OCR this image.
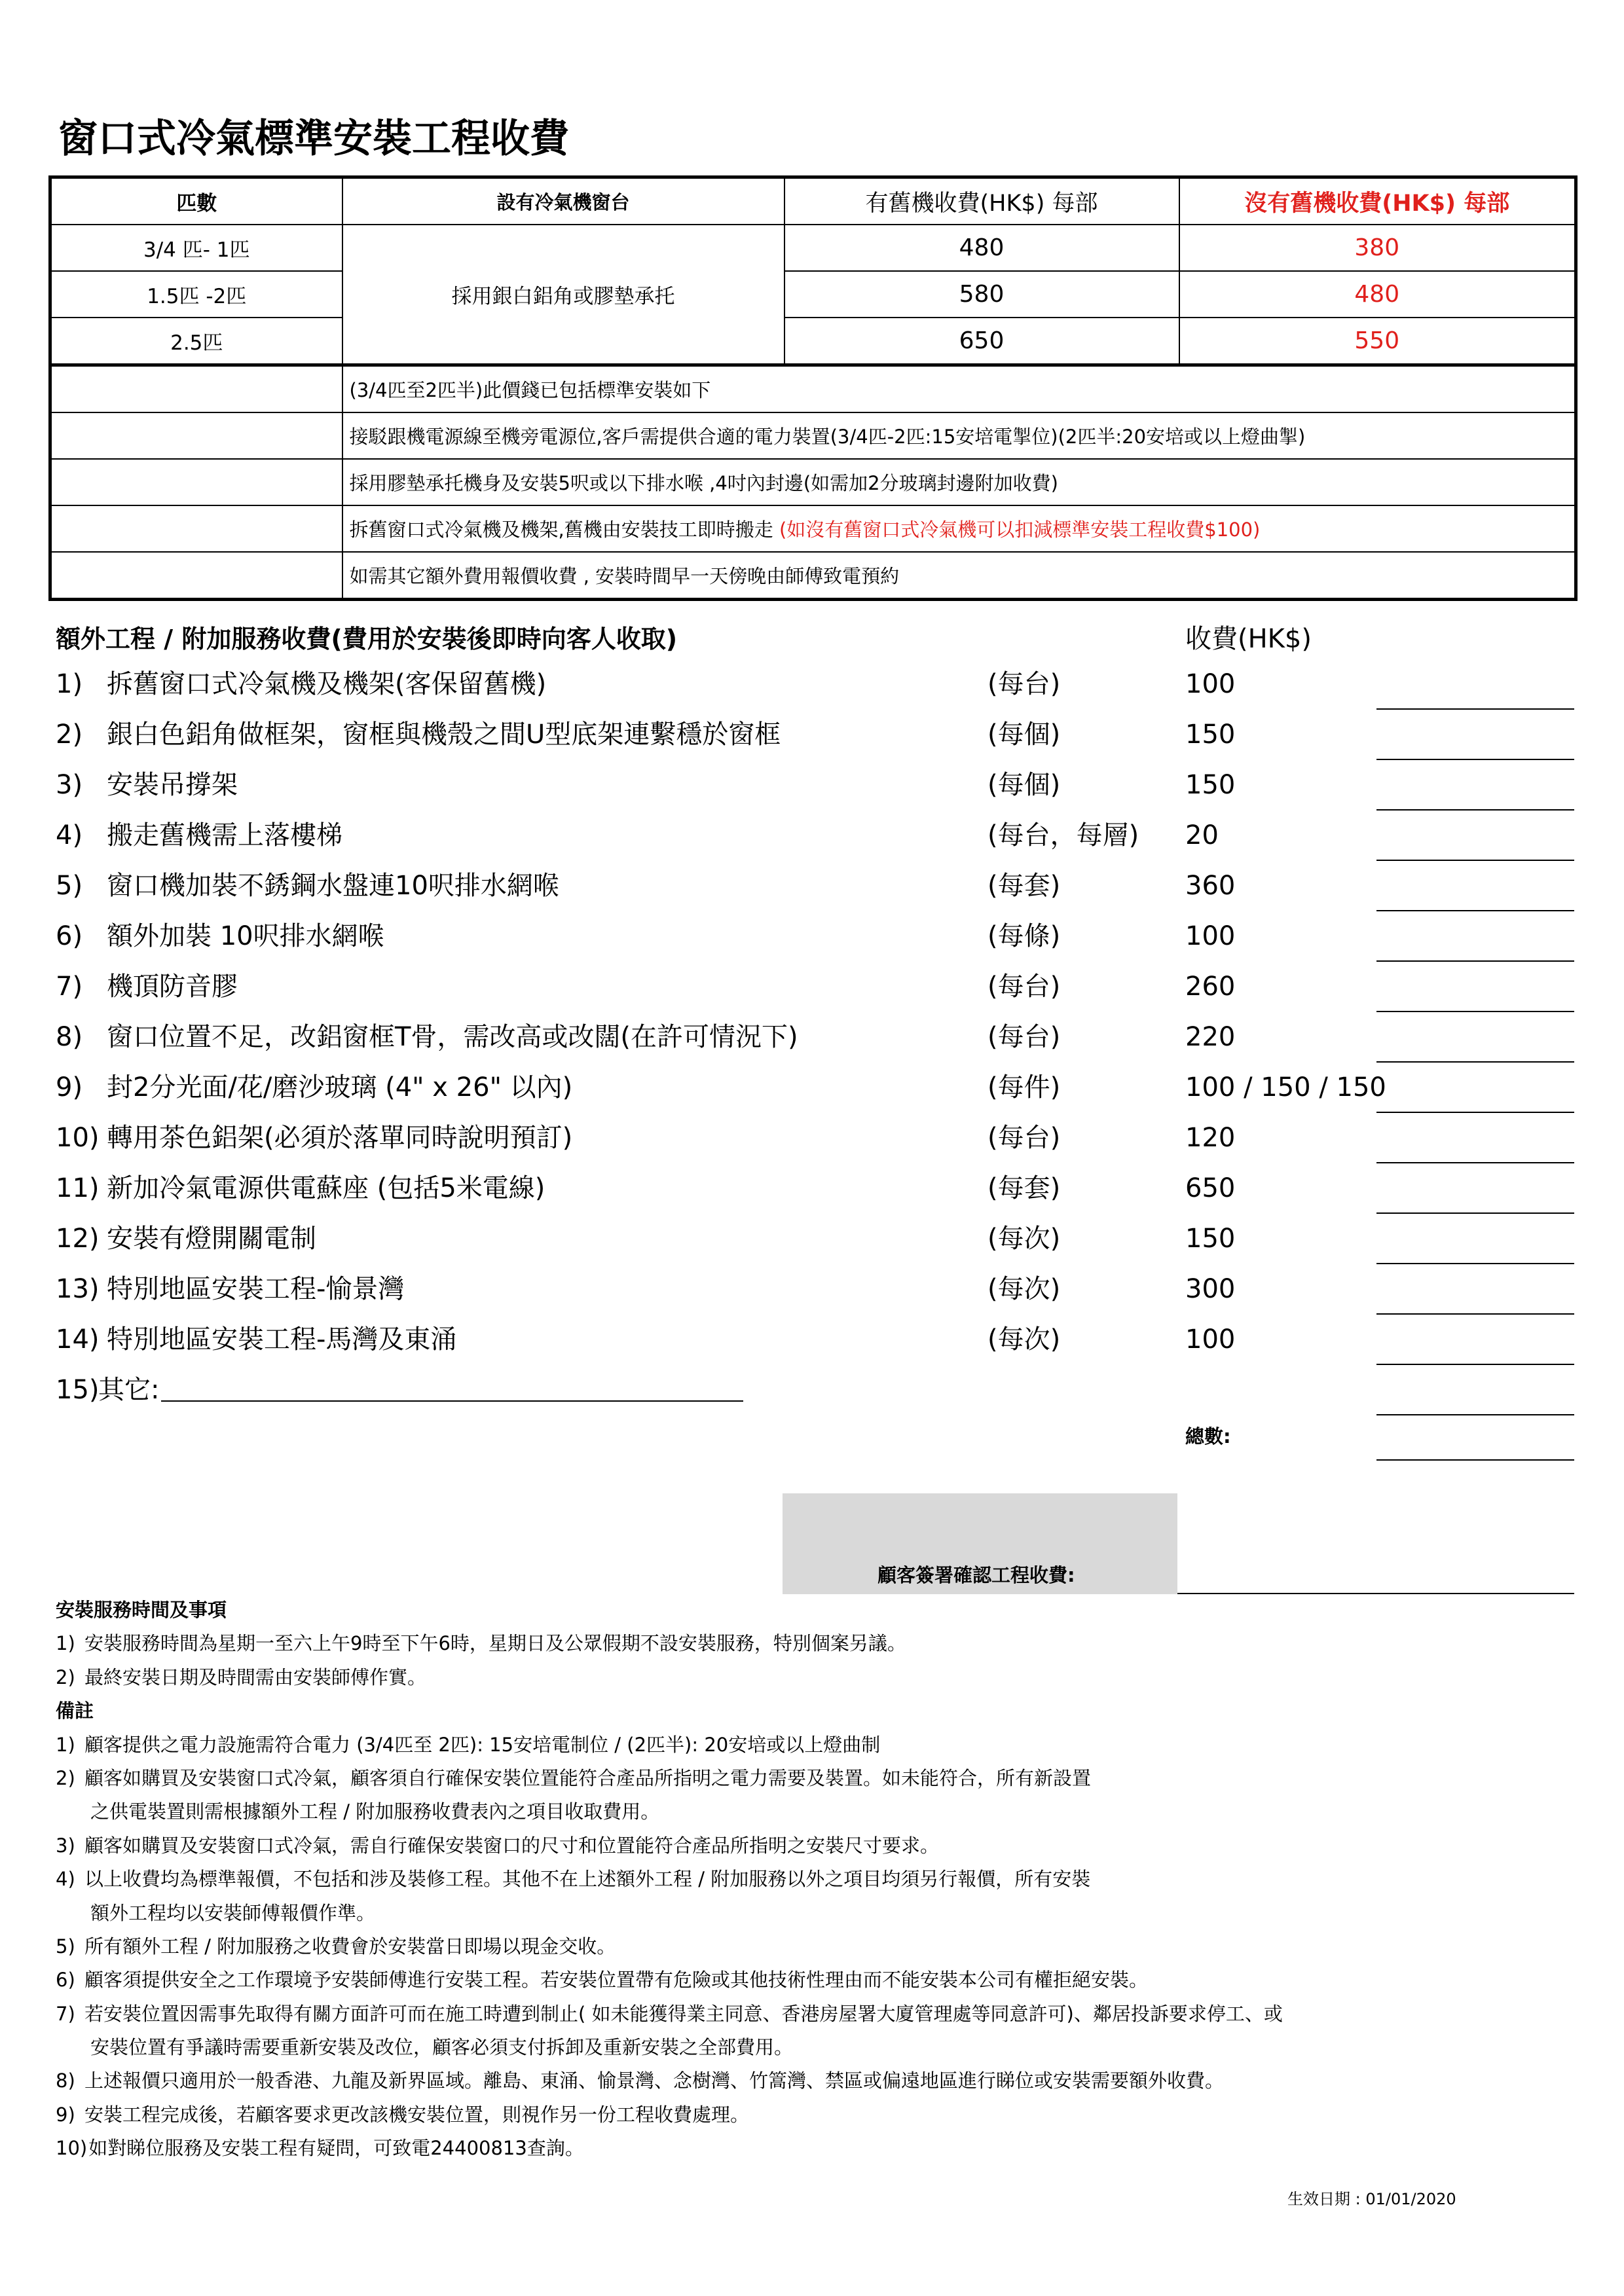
窗口式冷氣標準安裝工程收費
匹數	設有冷氣機窗台	有舊機收費(HK$) 每部	沒有舊機收費(HK$) 每部
3/4 匹- 1匹	採用銀白鋁角或膠墊承托	480	380
1.5匹 -2匹		580	480
2.5匹		650	550
	(3/4匹至2匹半)此價錢已包括標準安裝如下		
	接駁跟機電源線至機旁電源位,客戶需提供合適的電力裝置(3/4匹-2匹:15安培電掣位)(2匹半:20安培或以上燈曲掣)		
	採用膠墊承托機身及安裝5呎或以下排水喉 ,4吋內封邊(如需加2分玻璃封邊附加收費)		
	拆舊窗口式冷氣機及機架,舊機由安裝技工即時搬走 (如沒有舊窗口式冷氣機可以扣減標準安裝工程收費$100)		
	如需其它額外費用報價收費 , 安裝時間早一天傍晚由師傅致電預約		
額外工程 / 附加服務收費(費用於安裝後即時向客人收取)	收費(HK$)
1) 拆舊窗口式冷氣機及機架(客保留舊機)	(每台)	100
2) 銀白色鋁角做框架，窗框與機殼之間U型底架連繫穩於窗框	(每個)	150
3) 安裝吊撐架	(每個)	150
4) 搬走舊機需上落樓梯	(每台，每層) 20
5) 窗口機加裝不銹鋼水盤連10呎排水網喉	(每套)	360
6) 額外加裝 10呎排水網喉	(每條)	100
7) 機頂防音膠	(每台)	260
8) 窗口位置不足，改鋁窗框T骨，需改高或改闊(在許可情況下)	(每台)	220
9) 封2分光面/花/磨沙玻璃 (4" x 26" 以內)	(每件)	100 / 150 / 150
10) 轉用茶色鋁架(必須於落單同時說明預訂)	(每台)	120
11) 新加冷氣電源供電蘇座 (包括5米電線)	(每套)	650
12) 安裝有燈開關電制	(每次)	150
13) 特別地區安裝工程-愉景灣	(每次)	300
14) 特別地區安裝工程-馬灣及東涌	(每次)	100
15)
其它:
總數:
顧客簽署確認工程收費:
安裝服務時間及事項
1) 安裝服務時間為星期一至六上午9時至下午6時，星期日及公眾假期不設安裝服務，特別個案另議。
2) 最終安裝日期及時間需由安裝師傅作實。
備註
1) 顧客提供之電力設施需符合電力 (3/4匹至 2匹): 15安培電制位 / (2匹半): 20安培或以上燈曲制
2) 顧客如購買及安裝窗口式冷氣，顧客須自行確保安裝位置能符合產品所指明之電力需要及裝置。如未能符合，所有新設置
之供電裝置則需根據額外工程 / 附加服務收費表內之項目收取費用。
3) 顧客如購買及安裝窗口式冷氣，需自行確保安裝窗口的尺寸和位置能符合產品所指明之安裝尺寸要求。
4) 以上收費均為標準報價，不包括和涉及裝修工程。其他不在上述額外工程 / 附加服務以外之項目均須另行報價，所有安裝
額外工程均以安裝師傅報價作準。
5) 所有額外工程 / 附加服務之收費會於安裝當日即場以現金交收。
6) 顧客須提供安全之工作環境予安裝師傅進行安裝工程。若安裝位置帶有危險或其他技術性理由而不能安裝本公司有權拒絕安裝。
7) 若安裝位置因需事先取得有關方面許可而在施工時遭到制止( 如未能獲得業主同意、香港房屋署大廈管理處等同意許可)、鄰居投訴要求停工、或
安裝位置有爭議時需要重新安裝及改位，顧客必須支付拆卸及重新安裝之全部費用。
8) 上述報價只適用於一般香港、九龍及新界區域。離島、東涌、愉景灣、念樹灣、竹篙灣、禁區或偏遠地區進行睇位或安裝需要額外收費。
9) 安裝工程完成後，若顧客要求更改該機安裝位置，則視作另一份工程收費處理。
10)如對睇位服務及安裝工程有疑問，可致電24400813查詢。
生效日期 : 01/01/2020
